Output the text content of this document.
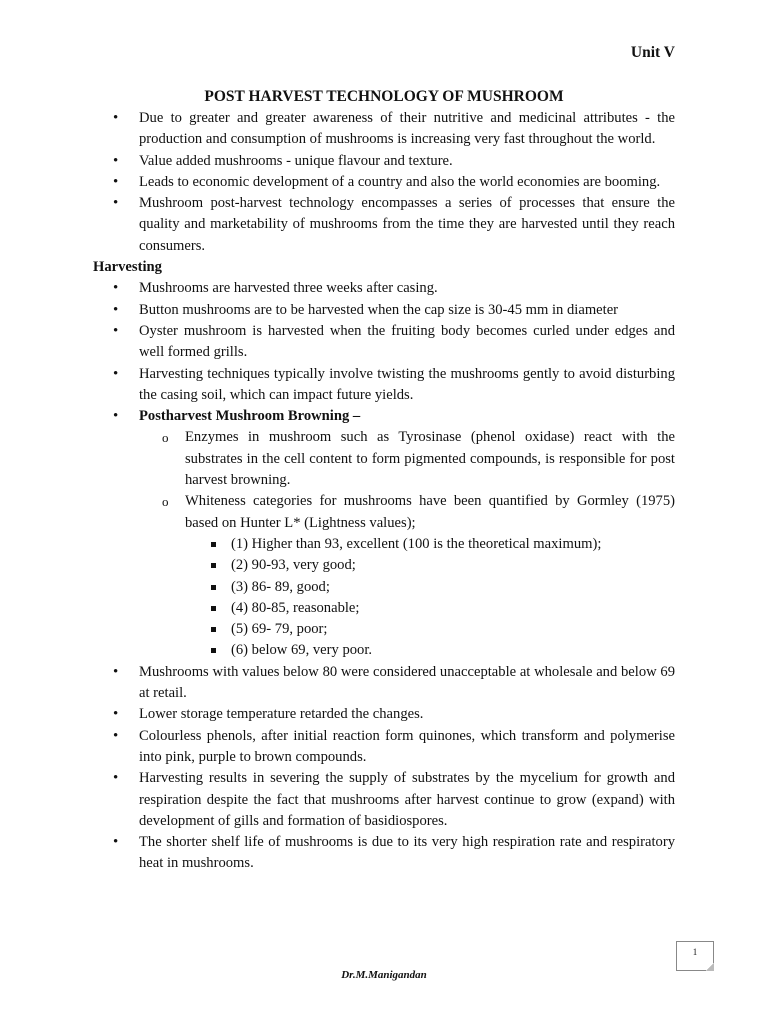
Unit V
POST HARVEST TECHNOLOGY OF MUSHROOM
• Due to greater and greater awareness of their nutritive and medicinal attributes - the production and consumption of mushrooms is increasing very fast throughout the world.
• Value added mushrooms - unique flavour and texture.
• Leads to economic development of a country and also the world economies are booming.
• Mushroom post-harvest technology encompasses a series of processes that ensure the quality and marketability of mushrooms from the time they are harvested until they reach consumers.
Harvesting
• Mushrooms are harvested three weeks after casing.
• Button mushrooms are to be harvested when the cap size is 30-45 mm in diameter
• Oyster mushroom is harvested when the fruiting body becomes curled under edges and well formed grills.
• Harvesting techniques typically involve twisting the mushrooms gently to avoid disturbing the casing soil, which can impact future yields.
• Postharvest Mushroom Browning –
o Enzymes in mushroom such as Tyrosinase (phenol oxidase) react with the substrates in the cell content to form pigmented compounds, is responsible for post harvest browning.
o Whiteness categories for mushrooms have been quantified by Gormley (1975) based on Hunter L* (Lightness values);
(1) Higher than 93, excellent (100 is the theoretical maximum);
(2) 90-93, very good;
(3) 86- 89, good;
(4) 80-85, reasonable;
(5) 69- 79, poor;
(6) below 69, very poor.
• Mushrooms with values below 80 were considered unacceptable at wholesale and below 69 at retail.
• Lower storage temperature retarded the changes.
• Colourless phenols, after initial reaction form quinones, which transform and polymerise into pink, purple to brown compounds.
• Harvesting results in severing the supply of substrates by the mycelium for growth and respiration despite the fact that mushrooms after harvest continue to grow (expand) with development of gills and formation of basidiospores.
• The shorter shelf life of mushrooms is due to its very high respiration rate and respiratory heat in mushrooms.
1
Dr.M.Manigandan
